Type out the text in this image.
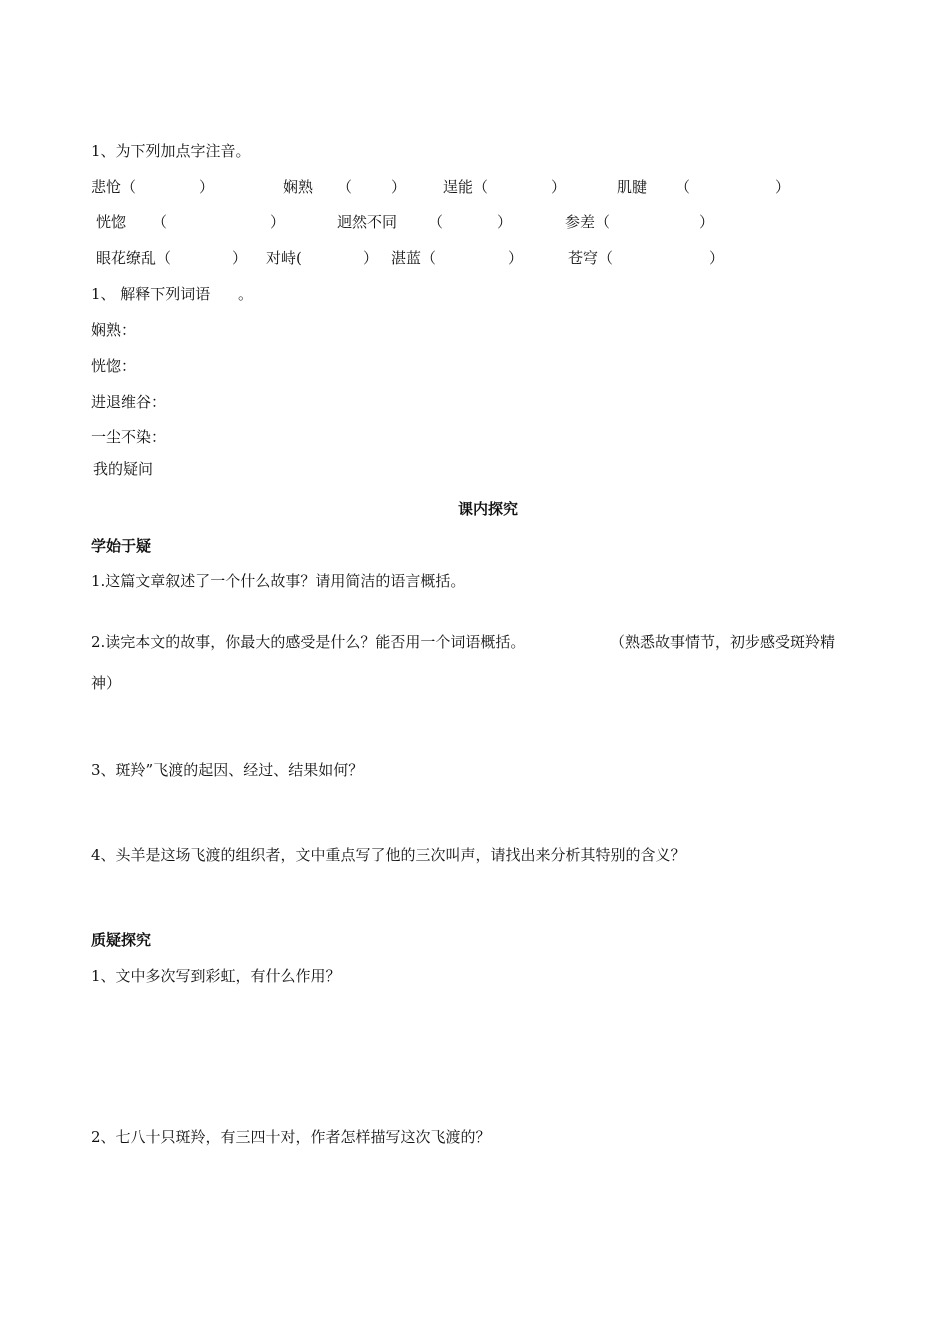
1、为下列加点字注音。
悲怆（	）	娴熟 （	） 逞能（	）	肌腱 （	）
恍惚 （	）	迥然不同 （	）	参差（	）
眼花缭乱（	） 对峙(	） 湛蓝（	）	苍穹（	）
1、 解释下列词语 。
娴熟：
恍惚：
进退维谷：
一尘不染：
我的疑问
课内探究
学始于疑
1.这篇文章叙述了一个什么故事？请用简洁的语言概括。
2.读完本文的故事，你最大的感受是什么？能否用一个词语概括。	（熟悉故事情节，初步感受斑羚精
神）
3、斑羚”飞渡的起因、经过、结果如何？
4、头羊是这场飞渡的组织者，文中重点写了他的三次叫声，请找出来分析其特别的含义？
质疑探究
1、文中多次写到彩虹，有什么作用？
2、七八十只斑羚，有三四十对，作者怎样描写这次飞渡的？
